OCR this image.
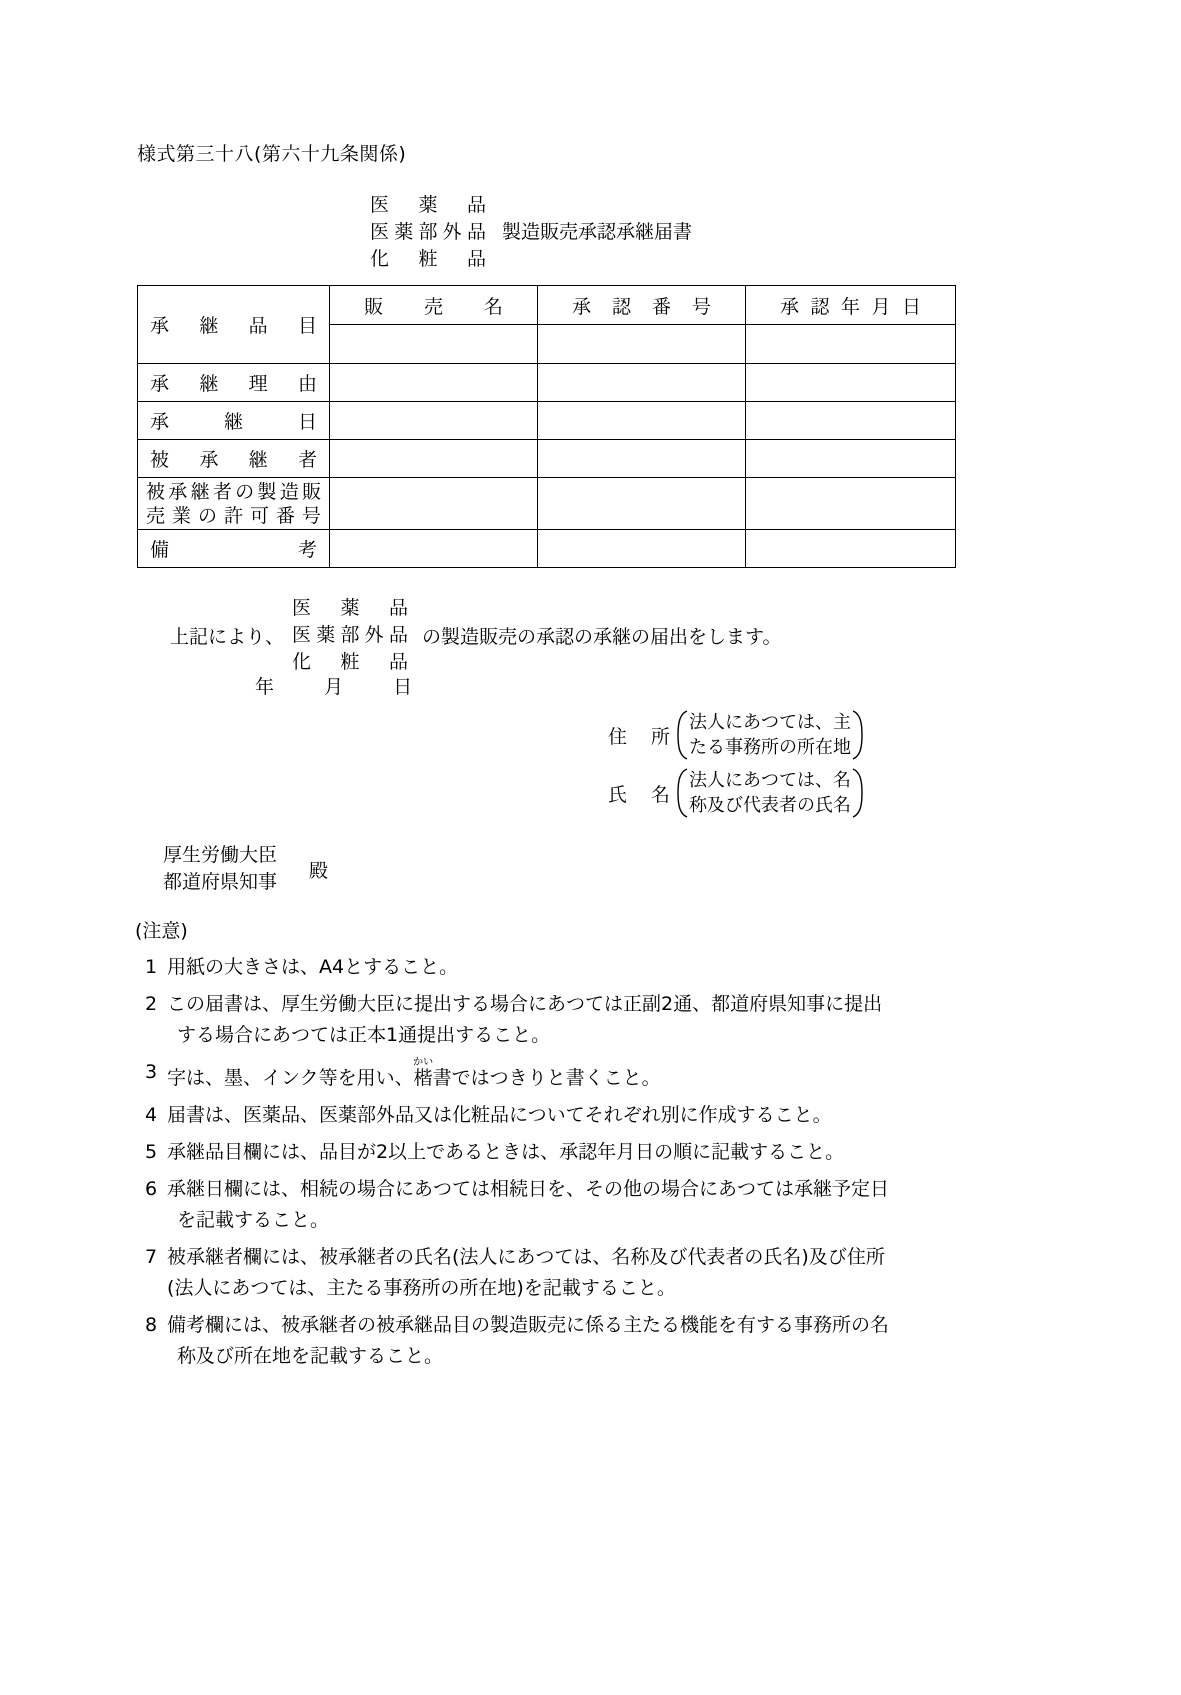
様式第三十八(第六十九条関係)
医 薬 品
医薬部外品
化 粧 品
製造販売承認承継届書
承 継 品 目	販 売 名	承 認 番 号	承 認 年 月 日

承 継 理 由			

承 継 日			

被 承 継 者			

被承継者の製造販
売 業 の 許 可 番 号			

備 考			

上記により、
医 薬 品
医薬部外品
化 粧 品
の製造販売の承認の承継の届出をします。
年	月	日
住 所
法人にあつては、主
たる事務所の所在地
氏 名
法人にあつては、名
称及び代表者の氏名
厚生労働大臣
都道府県知事
殿
(注意)
1 用紙の大きさは、A4とすること。

2 この届書は、厚生労働大臣に提出する場合にあつては正副2通、都道府県知事に提出

する場合にあつては正本1通提出すること。

3 字は、墨、インク等を用い、楷かい書ではつきりと書くこと。

4 届書は、医薬品、医薬部外品又は化粧品についてそれぞれ別に作成すること。

5 承継品目欄には、品目が2以上であるときは、承認年月日の順に記載すること。

6 承継日欄には、相続の場合にあつては相続日を、その他の場合にあつては承継予定日

を記載すること。

7 被承継者欄には、被承継者の氏名(法人にあつては、名称及び代表者の氏名)及び住所

(法人にあつては、主たる事務所の所在地)を記載すること。

8 備考欄には、被承継者の被承継品目の製造販売に係る主たる機能を有する事務所の名

称及び所在地を記載すること。
